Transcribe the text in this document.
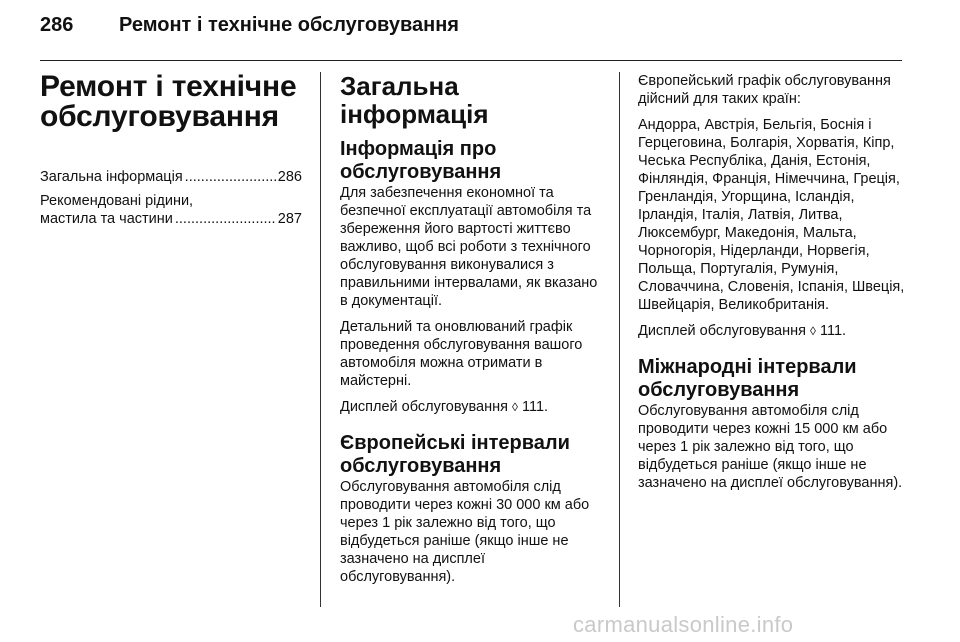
286 Ремонт і технічне обслуговування
Ремонт і технічне обслуговування
Загальна інформація .....	286
Рекомендовані рідини,
мастила та частини .....	287
Загальна інформація
Інформація про обслуговування

Для забезпечення економної та безпечної експлуатації автомобіля та збереження його вартості життєво важливо, щоб всі роботи з технічного обслуговування виконувалися з правильними інтервалами, як вказано в документації.

Детальний та оновлюваний графік проведення обслуговування вашого автомобіля можна отримати в майстерні.

Дисплей обслуговування ◊ 111.

Європейські інтервали обслуговування

Обслуговування автомобіля слід проводити через кожні 30 000 км або через 1 рік залежно від того, що відбудеться раніше (якщо інше не зазначено на дисплеї обслуговування).

Європейський графік обслуговування дійсний для таких країн:

Андорра, Австрія, Бельгія, Боснія і Герцеговина, Болгарія, Хорватія, Кіпр, Чеська Республіка, Данія, Естонія, Фінляндія, Франція, Німеччина, Греція, Гренландія, Угорщина, Ісландія, Ірландія, Італія, Латвія, Литва, Люксембург, Македонія, Мальта, Чорногорія, Нідерланди, Норвегія, Польща, Португалія, Румунія, Словаччина, Словенія, Іспанія, Швеція, Швейцарія, Великобританія.

Дисплей обслуговування ◊ 111.

Міжнародні інтервали обслуговування

Обслуговування автомобіля слід проводити через кожні 15 000 км або через 1 рік залежно від того, що відбудеться раніше (якщо інше не зазначено на дисплеї обслуговування).

carmanualsonline.info
